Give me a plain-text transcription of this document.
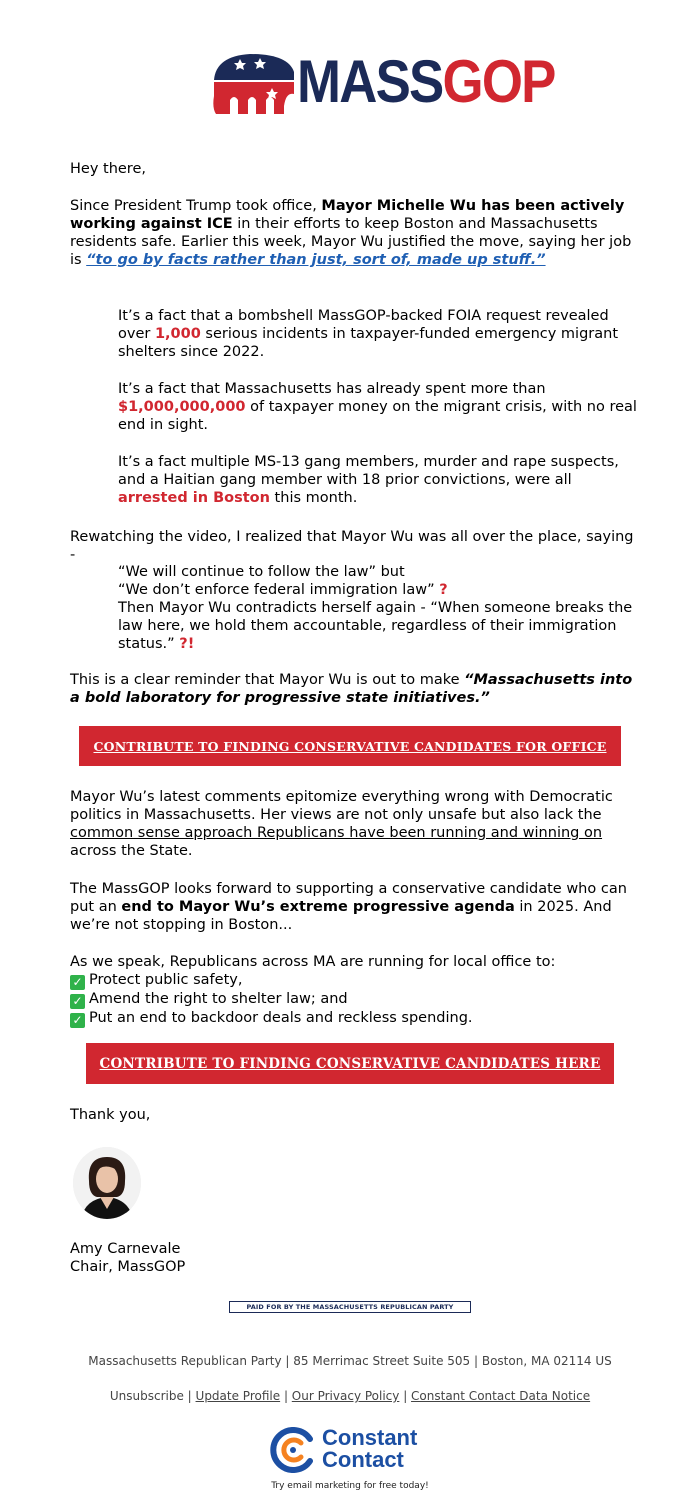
MASSGOP

Hey there,

Since President Trump took office, Mayor Michelle Wu has been actively working against ICE in their efforts to keep Boston and Massachusetts residents safe. Earlier this week, Mayor Wu justified the move, saying her job is “to go by facts rather than just, sort of, made up stuff.”

It’s a fact that a bombshell MassGOP-backed FOIA request revealed over 1,000 serious incidents in taxpayer-funded emergency migrant shelters since 2022.

It’s a fact that Massachusetts has already spent more than $1,000,000,000 of taxpayer money on the migrant crisis, with no real end in sight.

It’s a fact multiple MS-13 gang members, murder and rape suspects, and a Haitian gang member with 18 prior convictions, were all arrested in Boston this month.

Rewatching the video, I realized that Mayor Wu was all over the place, saying -

“We will continue to follow the law” but
“We don’t enforce federal immigration law” ?
Then Mayor Wu contradicts herself again - “When someone breaks the law here, we hold them accountable, regardless of their immigration status.” ?!

This is a clear reminder that Mayor Wu is out to make “Massachusetts into a bold laboratory for progressive state initiatives.”

CONTRIBUTE TO FINDING CONSERVATIVE CANDIDATES FOR OFFICE

Mayor Wu’s latest comments epitomize everything wrong with Democratic politics in Massachusetts. Her views are not only unsafe but also lack the common sense approach Republicans have been running and winning on across the State.

The MassGOP looks forward to supporting a conservative candidate who can put an end to Mayor Wu’s extreme progressive agenda in 2025. And we’re not stopping in Boston...

As we speak, Republicans across MA are running for local office to:
✓ Protect public safety,
✓ Amend the right to shelter law; and
✓ Put an end to backdoor deals and reckless spending.
CONTRIBUTE TO FINDING CONSERVATIVE CANDIDATES HERE

Thank you,

Amy Carnevale
Chair, MassGOP
PAID FOR BY THE MASSACHUSETTS REPUBLICAN PARTY
Massachusetts Republican Party | 85 Merrimac Street Suite 505 | Boston, MA 02114 US
Unsubscribe | Update Profile | Our Privacy Policy | Constant Contact Data Notice
Constant
Contact
Try email marketing for free today!
